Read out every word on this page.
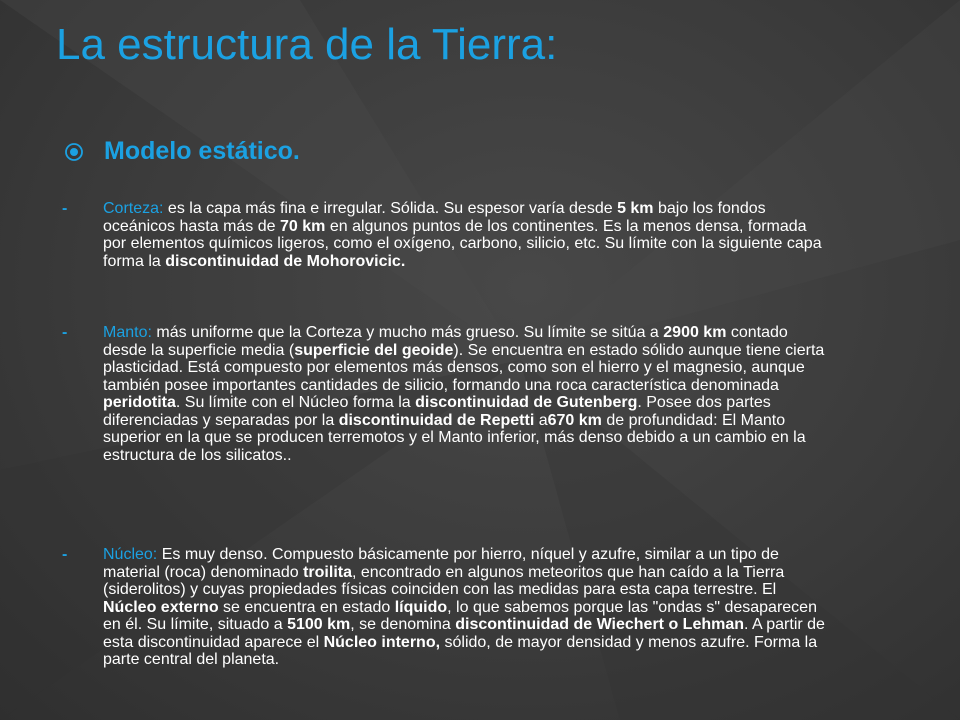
La estructura de la Tierra:
Modelo estático.
-	Corteza: es la capa más fina e irregular. Sólida. Su espesor varía desde 5 km bajo los fondos oceánicos hasta más de 70 km en algunos puntos de los continentes. Es la menos densa, formada por elementos químicos ligeros, como el oxígeno, carbono, silicio, etc. Su límite con la siguiente capa forma la discontinuidad de Mohorovicic.
-	Manto: más uniforme que la Corteza y mucho más grueso. Su límite se sitúa a 2900 km contado desde la superficie media (superficie del geoide). Se encuentra en estado sólido aunque tiene cierta plasticidad. Está compuesto por elementos más densos, como son el hierro y el magnesio, aunque también posee importantes cantidades de silicio, formando una roca característica denominada peridotita. Su límite con el Núcleo forma la discontinuidad de Gutenberg. Posee dos partes diferenciadas y separadas por la discontinuidad de Repetti a670 km de profundidad: El Manto superior en la que se producen terremotos y el Manto inferior, más denso debido a un cambio en la estructura de los silicatos..
-	Núcleo: Es muy denso. Compuesto básicamente por hierro, níquel y azufre, similar a un tipo de material (roca) denominado troilita, encontrado en algunos meteoritos que han caído a la Tierra (siderolitos) y cuyas propiedades físicas coinciden con las medidas para esta capa terrestre. El Núcleo externo se encuentra en estado líquido, lo que sabemos porque las "ondas s" desaparecen en él. Su límite, situado a 5100 km, se denomina discontinuidad de Wiechert o Lehman. A partir de esta discontinuidad aparece el Núcleo interno, sólido, de mayor densidad y menos azufre. Forma la parte central del planeta.
